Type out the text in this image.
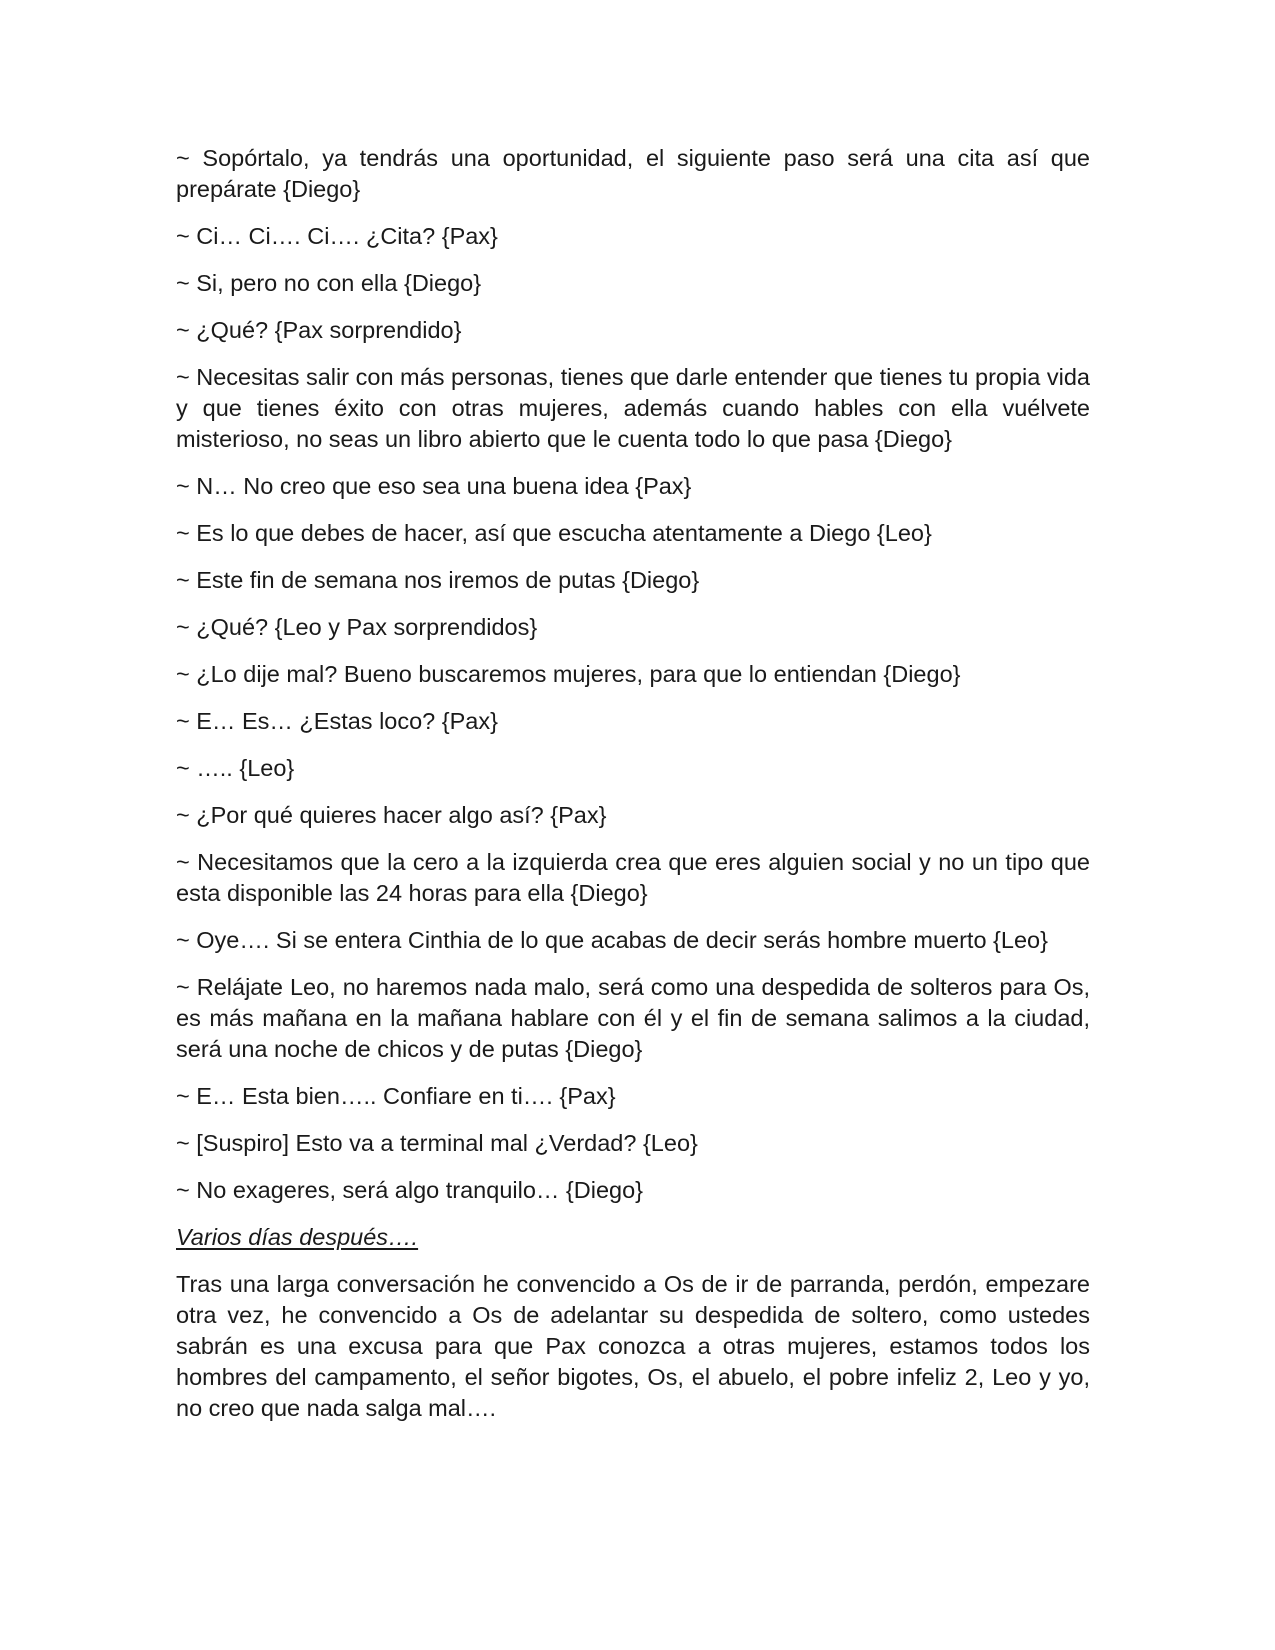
~ Sopórtalo, ya tendrás una oportunidad, el siguiente paso será una cita así que prepárate {Diego}

~ Ci… Ci…. Ci…. ¿Cita? {Pax}

~ Si, pero no con ella {Diego}

~ ¿Qué? {Pax sorprendido}

~ Necesitas salir con más personas, tienes que darle entender que tienes tu propia vida y que tienes éxito con otras mujeres, además cuando hables con ella vuélvete misterioso, no seas un libro abierto que le cuenta todo lo que pasa {Diego}

~ N… No creo que eso sea una buena idea {Pax}

~ Es lo que debes de hacer, así que escucha atentamente a Diego {Leo}

~ Este fin de semana nos iremos de putas {Diego}

~ ¿Qué? {Leo y Pax sorprendidos}

~ ¿Lo dije mal? Bueno buscaremos mujeres, para que lo entiendan {Diego}

~ E… Es… ¿Estas loco? {Pax}

~ ….. {Leo}

~ ¿Por qué quieres hacer algo así? {Pax}

~ Necesitamos que la cero a la izquierda crea que eres alguien social y no un tipo que esta disponible las 24 horas para ella {Diego}

~ Oye…. Si se entera Cinthia de lo que acabas de decir serás hombre muerto {Leo}

~ Relájate Leo, no haremos nada malo, será como una despedida de solteros para Os, es más mañana en la mañana hablare con él y el fin de semana salimos a la ciudad, será una noche de chicos y de putas {Diego}

~ E… Esta bien….. Confiare en ti…. {Pax}

~ [Suspiro] Esto va a terminal mal ¿Verdad? {Leo}

~ No exageres, será algo tranquilo… {Diego}

Varios días después….

Tras una larga conversación he convencido a Os de ir de parranda, perdón, empezare otra vez, he convencido a Os de adelantar su despedida de soltero, como ustedes sabrán es una excusa para que Pax conozca a otras mujeres, estamos todos los hombres del campamento, el señor bigotes, Os, el abuelo, el pobre infeliz 2, Leo y yo, no creo que nada salga mal….
